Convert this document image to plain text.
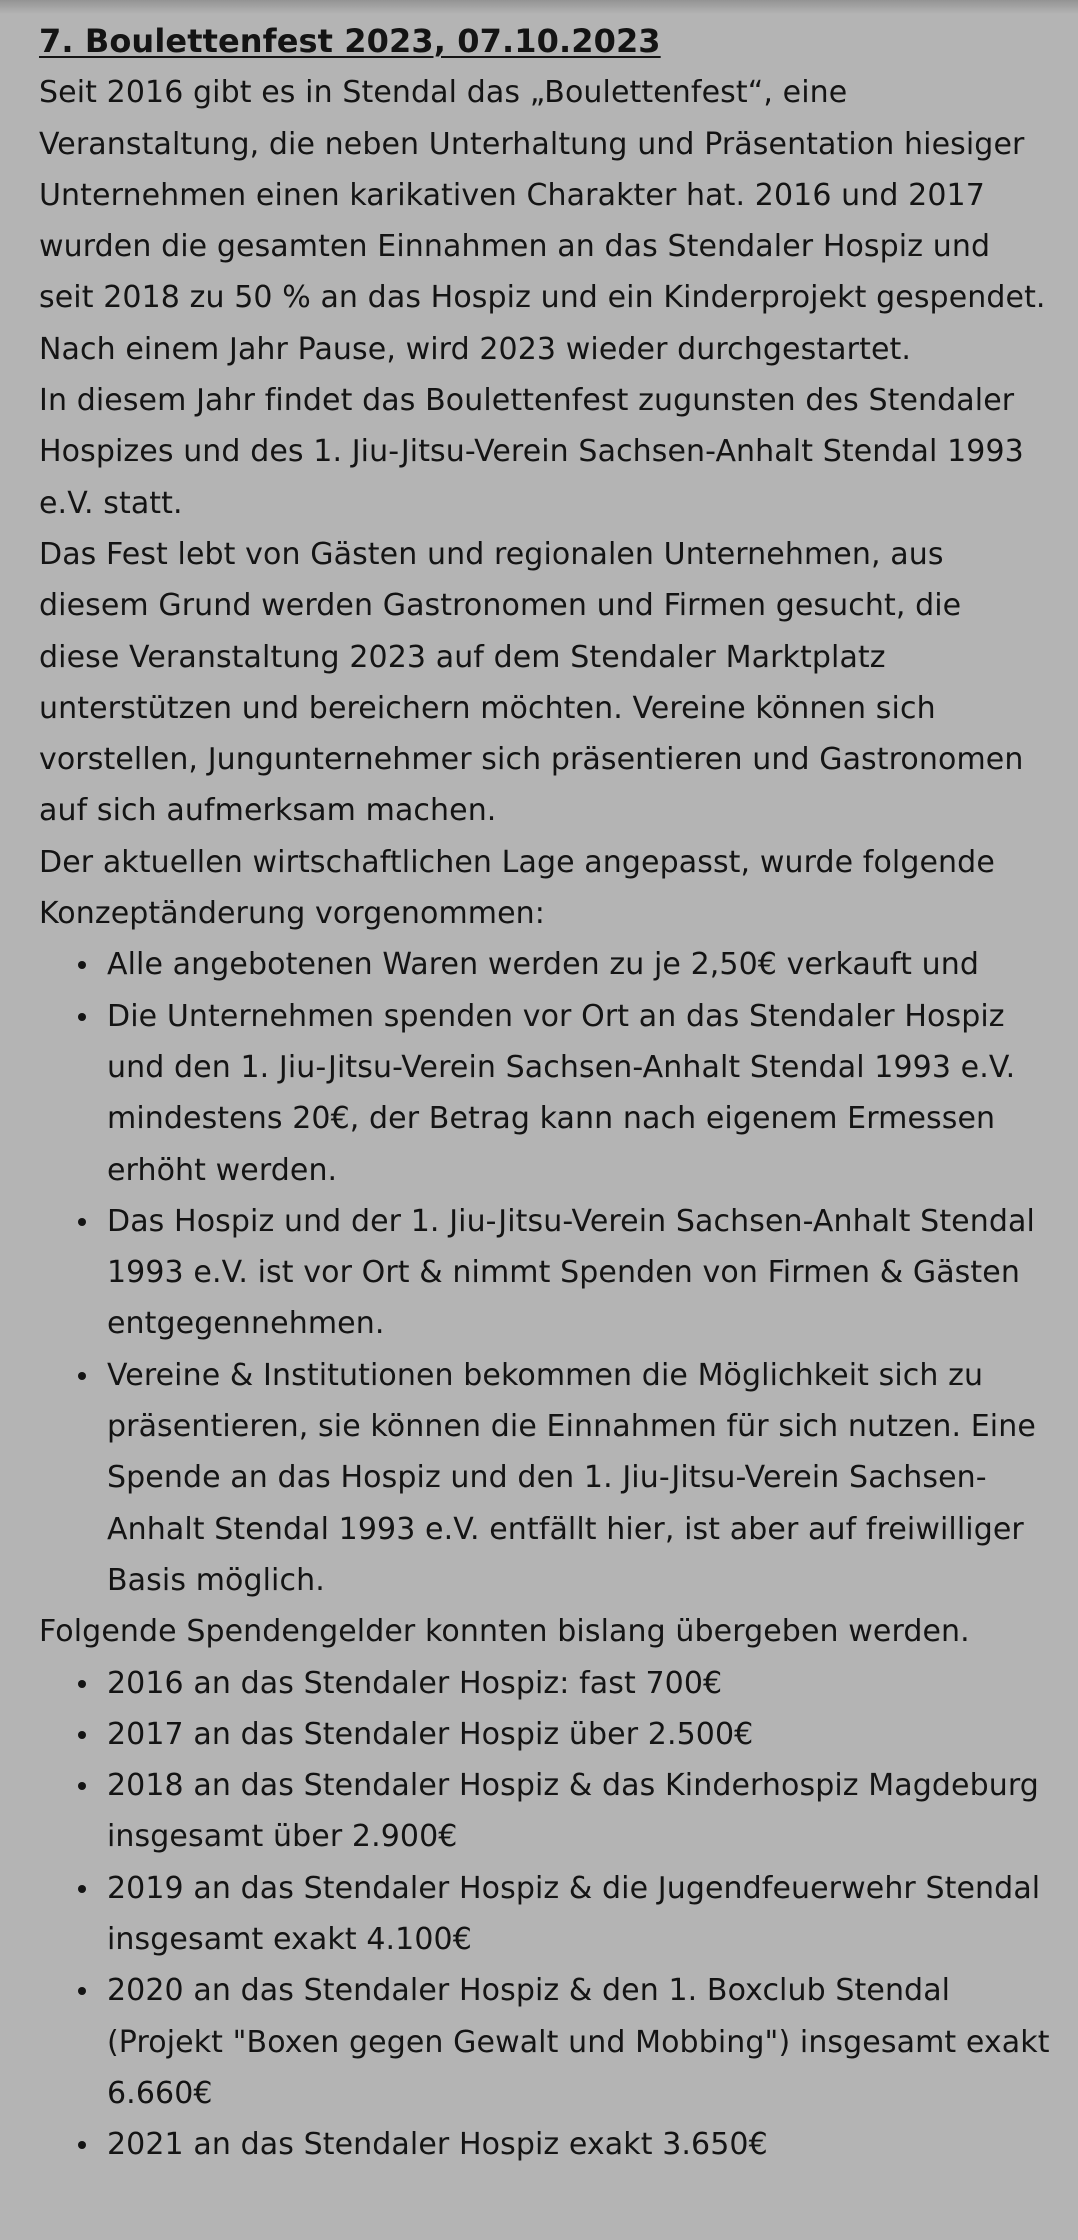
7. Boulettenfest 2023, 07.10.2023

Seit 2016 gibt es in Stendal das „Boulettenfest“, eine Veranstaltung, die neben Unterhaltung und Präsentation hiesiger Unternehmen einen karikativen Charakter hat. 2016 und 2017 wurden die gesamten Einnahmen an das Stendaler Hospiz und seit 2018 zu 50 % an das Hospiz und ein Kinderprojekt gespendet. Nach einem Jahr Pause, wird 2023 wieder durchgestartet.

In diesem Jahr findet das Boulettenfest zugunsten des Stendaler Hospizes und des 1. Jiu-Jitsu-Verein Sachsen-Anhalt Stendal 1993 e.V. statt.

Das Fest lebt von Gästen und regionalen Unternehmen, aus diesem Grund werden Gastronomen und Firmen gesucht, die diese Veranstaltung 2023 auf dem Stendaler Marktplatz unterstützen und bereichern möchten. Vereine können sich vorstellen, Jungunternehmer sich präsentieren und Gastronomen auf sich aufmerksam machen.

Der aktuellen wirtschaftlichen Lage angepasst, wurde folgende Konzeptänderung vorgenommen:

Alle angebotenen Waren werden zu je 2,50€ verkauft und
Die Unternehmen spenden vor Ort an das Stendaler Hospiz und den 1. Jiu-Jitsu-Verein Sachsen-Anhalt Stendal 1993 e.V. mindestens 20€, der Betrag kann nach eigenem Ermessen erhöht werden.
Das Hospiz und der 1. Jiu-Jitsu-Verein Sachsen-Anhalt Stendal 1993 e.V. ist vor Ort & nimmt Spenden von Firmen & Gästen entgegennehmen.
Vereine & Institutionen bekommen die Möglichkeit sich zu präsentieren, sie können die Einnahmen für sich nutzen. Eine Spende an das Hospiz und den 1. Jiu-Jitsu-Verein Sachsen-Anhalt Stendal 1993 e.V. entfällt hier, ist aber auf freiwilliger Basis möglich.

Folgende Spendengelder konnten bislang übergeben werden.

2016 an das Stendaler Hospiz: fast 700€
2017 an das Stendaler Hospiz über 2.500€
2018 an das Stendaler Hospiz & das Kinderhospiz Magdeburg insgesamt über 2.900€
2019 an das Stendaler Hospiz & die Jugendfeuerwehr Stendal insgesamt exakt 4.100€
2020 an das Stendaler Hospiz & den 1. Boxclub Stendal (Projekt "Boxen gegen Gewalt und Mobbing") insgesamt exakt 6.660€
2021 an das Stendaler Hospiz exakt 3.650€
